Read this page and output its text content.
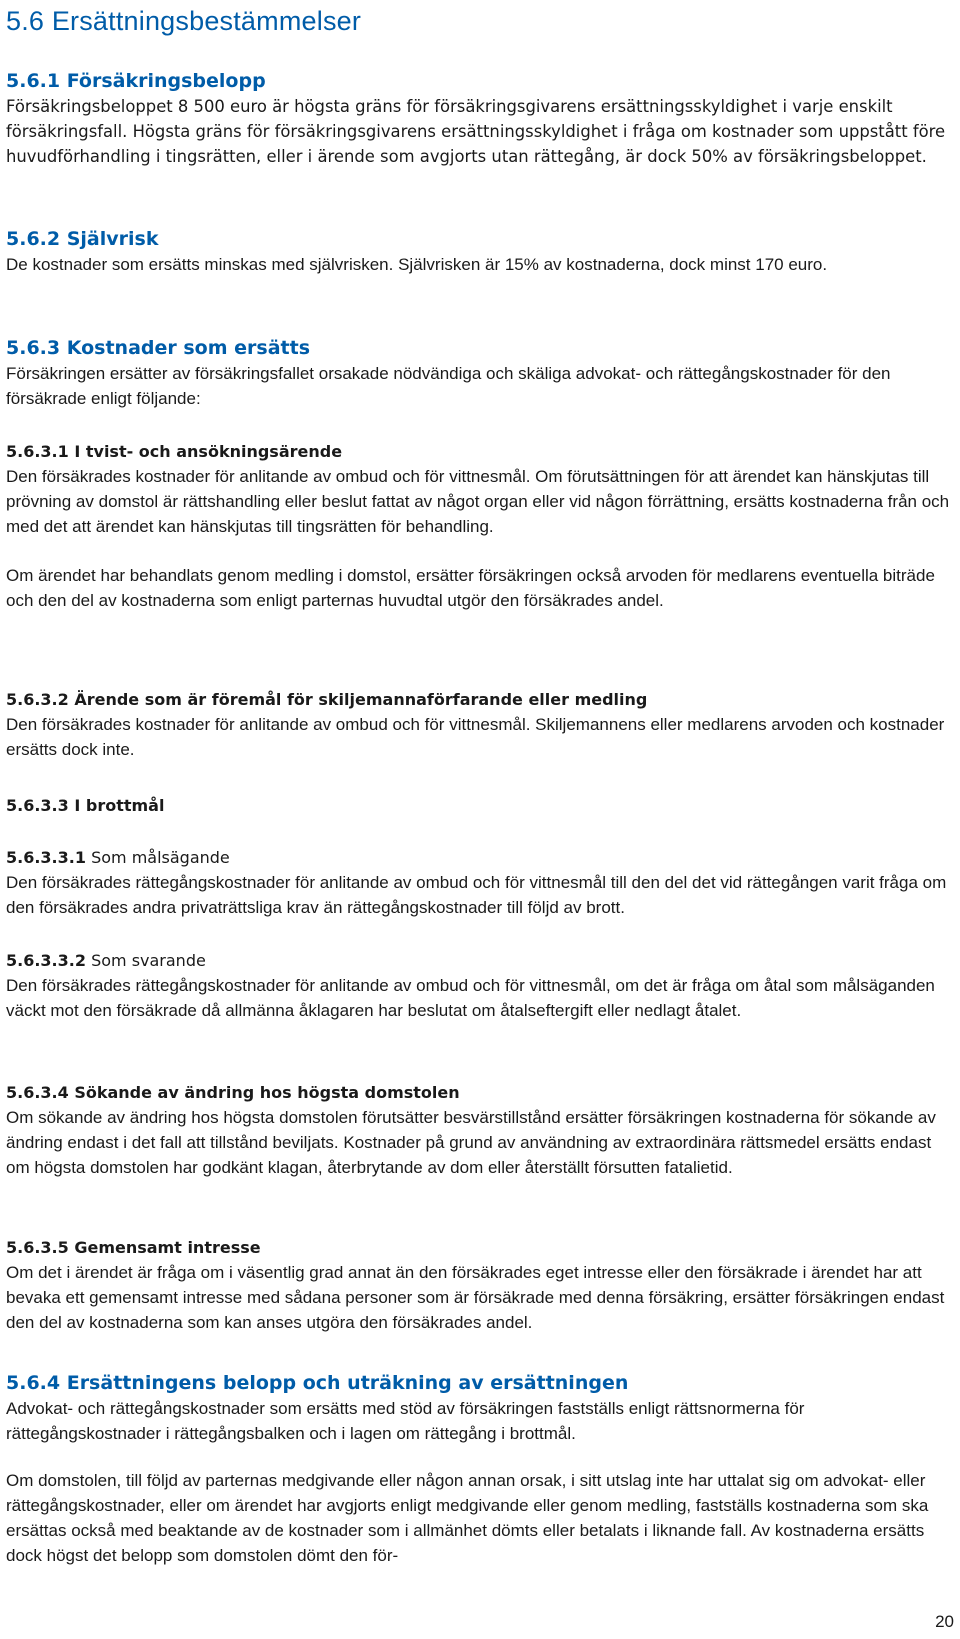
5.6 Ersättningsbestämmelser
5.6.1 Försäkringsbelopp

Försäkringsbeloppet 8 500 euro är högsta gräns för försäkringsgivarens ersättningsskyldighet i varje enskilt försäkringsfall. Högsta gräns för försäkringsgivarens ersättningsskyldighet i fråga om kostnader som uppstått före huvudförhandling i tingsrätten, eller i ärende som avgjorts utan rättegång, är dock 50% av försäkringsbeloppet.

5.6.2 Självrisk

De kostnader som ersätts minskas med självrisken. Självrisken är 15% av kostnaderna, dock minst 170 euro.

5.6.3 Kostnader som ersätts

Försäkringen ersätter av försäkringsfallet orsakade nödvändiga och skäliga advokat- och rättegångskostnader för den försäkrade enligt följande:

5.6.3.1 I tvist- och ansökningsärende

Den försäkrades kostnader för anlitande av ombud och för vittnesmål. Om förutsättningen för att ärendet kan hänskjutas till prövning av domstol är rättshandling eller beslut fattat av något organ eller vid någon förrättning, ersätts kostnaderna från och med det att ärendet kan hänskjutas till tingsrätten för behandling.

Om ärendet har behandlats genom medling i domstol, ersätter försäkringen också arvoden för medlarens eventuella biträde och den del av kostnaderna som enligt parternas huvudtal utgör den försäkrades andel.

5.6.3.2 Ärende som är föremål för skiljemannaförfarande eller medling

Den försäkrades kostnader för anlitande av ombud och för vittnesmål. Skiljemannens eller medlarens arvoden och kostnader ersätts dock inte.

5.6.3.3 I brottmål
5.6.3.3.1 Som målsägande

Den försäkrades rättegångskostnader för anlitande av ombud och för vittnesmål till den del det vid rättegången varit fråga om den försäkrades andra privaträttsliga krav än rättegångskostnader till följd av brott.

5.6.3.3.2 Som svarande

Den försäkrades rättegångskostnader för anlitande av ombud och för vittnesmål, om det är fråga om åtal som målsäganden väckt mot den försäkrade då allmänna åklagaren har beslutat om åtalseftergift eller nedlagt åtalet.

5.6.3.4 Sökande av ändring hos högsta domstolen

Om sökande av ändring hos högsta domstolen förutsätter besvärstillstånd ersätter försäkringen kostnaderna för sökande av ändring endast i det fall att tillstånd beviljats. Kostnader på grund av användning av extraordinära rättsmedel ersätts endast om högsta domstolen har godkänt klagan, återbrytande av dom eller återställt försutten fatalietid.

5.6.3.5 Gemensamt intresse

Om det i ärendet är fråga om i väsentlig grad annat än den försäkrades eget intresse eller den försäkrade i ärendet har att bevaka ett gemensamt intresse med sådana personer som är försäkrade med denna försäkring, ersätter försäkringen endast den del av kostnaderna som kan anses utgöra den försäkrades andel.

5.6.4 Ersättningens belopp och uträkning av ersättningen

Advokat- och rättegångskostnader som ersätts med stöd av försäkringen fastställs enligt rättsnormerna för rättegångskostnader i rättegångsbalken och i lagen om rättegång i brottmål.

Om domstolen, till följd av parternas medgivande eller någon annan orsak, i sitt utslag inte har uttalat sig om advokat- eller rättegångskostnader, eller om ärendet har avgjorts enligt medgivande eller genom medling, fastställs kostnaderna som ska ersättas också med beaktande av de kostnader som i allmänhet dömts eller betalats i liknande fall. Av kostnaderna ersätts dock högst det belopp som domstolen dömt den för-

20
